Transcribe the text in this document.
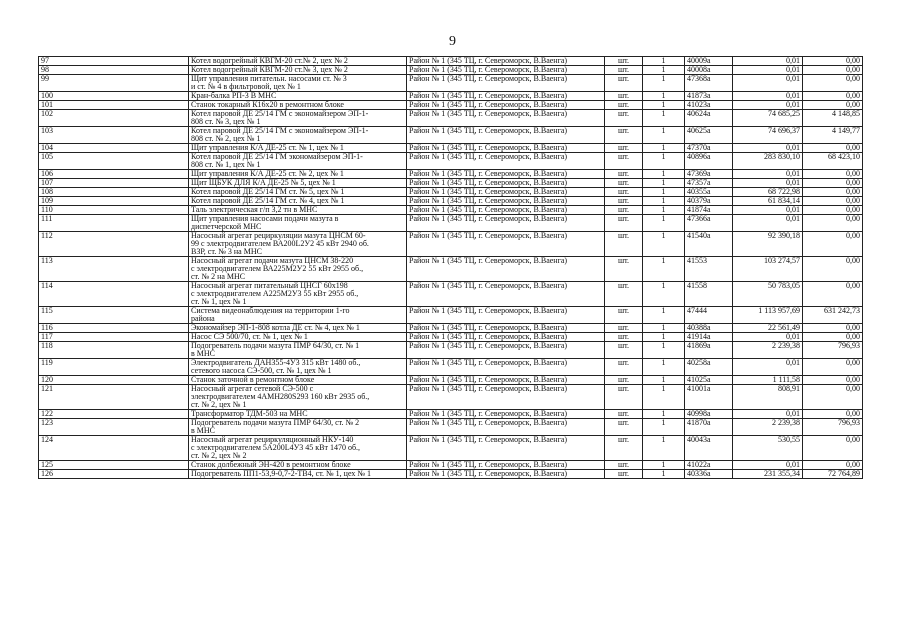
9
97	Котел водогрейный КВГМ-20 ст.№ 2, цех № 2	Район № 1 (345 ТЦ, г. Североморск, В.Ваенга)	шт.	1	40009а	0,01	0,00
98	Котел водогрейный КВГМ-20 ст.№ 3, цех № 2	Район № 1 (345 ТЦ, г. Североморск, В.Ваенга)	шт.	1	40008а	0,01	0,00
99	Щит управления питательн. насосами ст. № 3
и ст. № 4 в фильтровой, цех № 1	Район № 1 (345 ТЦ, г. Североморск, В.Ваенга)	шт.	1	47368а	0,01	0,00
100	Кран-балка РП-3 В МНС	Район № 1 (345 ТЦ, г. Североморск, В.Ваенга)	шт.	1	41873а	0,01	0,00
101	Станок токарный К16х20 в ремонтном блоке	Район № 1 (345 ТЦ, г. Североморск, В.Ваенга)	шт.	1	41023а	0,01	0,00
102	Котел паровой ДЕ 25/14 ГМ с экономайзером ЭП-1-
808 ст. № 3, цех № 1	Район № 1 (345 ТЦ, г. Североморск, В.Ваенга)	шт.	1	40624а	74 685,25	4 148,85
103	Котел паровой ДЕ 25/14 ГМ с экономайзером ЭП-1-
808 ст. № 2, цех № 1	Район № 1 (345 ТЦ, г. Североморск, В.Ваенга)	шт.	1	40625а	74 696,37	4 149,77
104	Щит управления К/А ДЕ-25 ст. № 1, цех № 1	Район № 1 (345 ТЦ, г. Североморск, В.Ваенга)	шт.	1	47370а	0,01	0,00
105	Котел паровой ДЕ 25/14 ГМ экономайзером ЭП-1-
808 ст. № 1, цех № 1	Район № 1 (345 ТЦ, г. Североморск, В.Ваенга)	шт.	1	40896а	283 830,10	68 423,10
106	Щит управления К/А ДЕ-25 ст. № 2, цех № 1	Район № 1 (345 ТЦ, г. Североморск, В.Ваенга)	шт.	1	47369а	0,01	0,00
107	Щит ЩБУК ДЛЯ К/А ДЕ-25 № 5, цех № 1	Район № 1 (345 ТЦ, г. Североморск, В.Ваенга)	шт.	1	47357а	0,01	0,00
108	Котел паровой ДЕ 25/14 ГМ ст. № 5, цех № 1	Район № 1 (345 ТЦ, г. Североморск, В.Ваенга)	шт.	1	40355а	68 722,98	0,00
109	Котел паровой ДЕ 25/14 ГМ ст. № 4, цех № 1	Район № 1 (345 ТЦ, г. Североморск, В.Ваенга)	шт.	1	40379а	61 834,14	0,00
110	Таль электрическая г/п 3,2 тн в МНС	Район № 1 (345 ТЦ, г. Североморск, В.Ваенга)	шт.	1	41874а	0,01	0,00
111	Щит управления насосами подачи мазута в
диспетчерской МНС	Район № 1 (345 ТЦ, г. Североморск, В.Ваенга)	шт.	1	47366а	0,01	0,00
112	Насосный агрегат рециркуляции мазута ЦНСМ 60-
99 с электродвигателем ВА200L2У2 45 кВт 2940 об.
ВЗР, ст. № 3 на МНС	Район № 1 (345 ТЦ, г. Североморск, В.Ваенга)	шт.	1	41540а	92 390,18	0,00
113	Насосный агрегат подачи мазута ЦНСМ 38-220
с электродвигателем ВА225М2У2 55 кВт 2955 об.,
ст. № 2 на МНС	Район № 1 (345 ТЦ, г. Североморск, В.Ваенга)	шт.	1	41553	103 274,57	0,00
114	Насосный агрегат питательный ЦНСГ 60х198
с электродвигателем А225М2У3 55 кВт 2955 об.,
ст. № 1, цех № 1	Район № 1 (345 ТЦ, г. Североморск, В.Ваенга)	шт.	1	41558	50 783,05	0,00
115	Система видеонаблюдения на территории 1-го
района	Район № 1 (345 ТЦ, г. Североморск, В.Ваенга)	шт.	1	47444	1 113 957,69	631 242,73
116	Экономайзер ЭП-1-808 котла ДЕ ст. № 4, цех № 1	Район № 1 (345 ТЦ, г. Североморск, В.Ваенга)	шт.	1	40388а	22 561,49	0,00
117	Насос СЭ 500/70, ст. № 1, цех № 1	Район № 1 (345 ТЦ, г. Североморск, В.Ваенга)	шт.	1	41914а	0,01	0,00
118	Подогреватель подачи мазута ПМР 64/30, ст. № 1
в МНС	Район № 1 (345 ТЦ, г. Североморск, В.Ваенга)	шт.	1	41869а	2 239,38	796,93
119	Электродвигатель ДАН355-4У3 315 кВт 1480 об.,
сетевого насоса СЭ-500, ст. № 1, цех № 1	Район № 1 (345 ТЦ, г. Североморск, В.Ваенга)	шт.	1	40258а	0,01	0,00
120	Станок заточной в ремонтном блоке	Район № 1 (345 ТЦ, г. Североморск, В.Ваенга)	шт.	1	41025а	1 111,58	0,00
121	Насосный агрегат сетевой СЭ-500 с
электродвигателем 4АМН280S293 160 кВт 2935 об.,
ст. № 2, цех № 1	Район № 1 (345 ТЦ, г. Североморск, В.Ваенга)	шт.	1	41001а	808,91	0,00
122	Трансформатор ТДМ-503 на МНС	Район № 1 (345 ТЦ, г. Североморск, В.Ваенга)	шт.	1	40998а	0,01	0,00
123	Подогреватель подачи мазута ПМР 64/30, ст. № 2
в МНС	Район № 1 (345 ТЦ, г. Североморск, В.Ваенга)	шт.	1	41870а	2 239,38	796,93
124	Насосный агрегат рециркуляционный НКУ-140
с электродвигателем 5А200L4У3 45 кВт 1470 об.,
ст. № 2, цех № 2	Район № 1 (345 ТЦ, г. Североморск, В.Ваенга)	шт.	1	40043а	530,55	0,00
125	Станок долбежный ЭН-420 в ремонтном блоке	Район № 1 (345 ТЦ, г. Североморск, В.Ваенга)	шт.	1	41022а	0,01	0,00
126	Подогреватель ПП1-53,9-0,7-2-ТВ4, ст. № 1, цех № 1	Район № 1 (345 ТЦ, г. Североморск, В.Ваенга)	шт.	1	40336а	231 355,34	72 764,89
